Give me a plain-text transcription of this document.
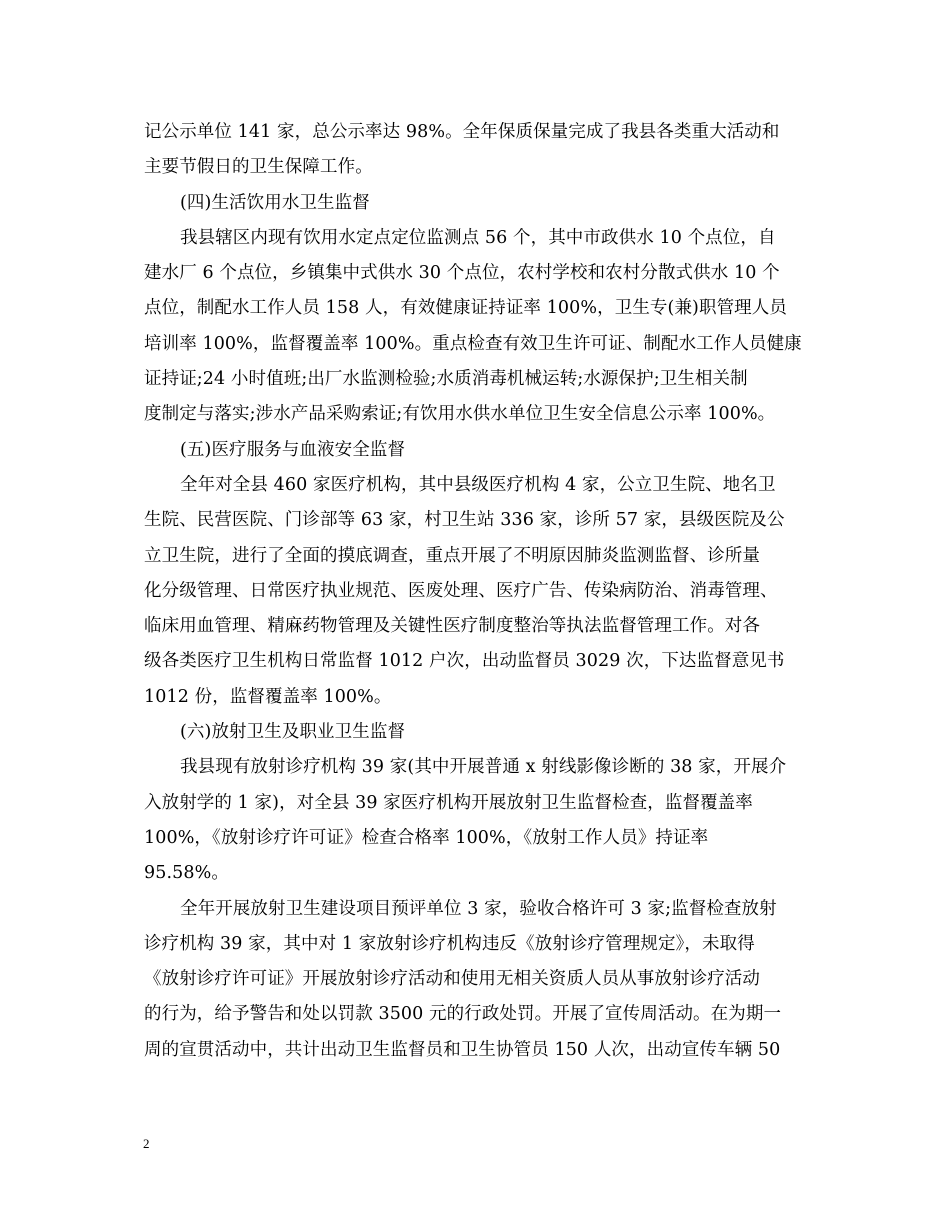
记公示单位 141 家，总公示率达 98%。全年保质保量完成了我县各类重大活动和
主要节假日的卫生保障工作。
(四)生活饮用水卫生监督
我县辖区内现有饮用水定点定位监测点 56 个，其中市政供水 10 个点位，自
建水厂 6 个点位，乡镇集中式供水 30 个点位，农村学校和农村分散式供水 10 个
点位，制配水工作人员 158 人，有效健康证持证率 100%，卫生专(兼)职管理人员
培训率 100%，监督覆盖率 100%。重点检查有效卫生许可证、制配水工作人员健康
证持证;24 小时值班;出厂水监测检验;水质消毒机械运转;水源保护;卫生相关制
度制定与落实;涉水产品采购索证;有饮用水供水单位卫生安全信息公示率 100%。
(五)医疗服务与血液安全监督
全年对全县 460 家医疗机构，其中县级医疗机构 4 家，公立卫生院、地名卫
生院、民营医院、门诊部等 63 家，村卫生站 336 家，诊所 57 家，县级医院及公
立卫生院，进行了全面的摸底调查，重点开展了不明原因肺炎监测监督、诊所量
化分级管理、日常医疗执业规范、医废处理、医疗广告、传染病防治、消毒管理、
临床用血管理、精麻药物管理及关键性医疗制度整治等执法监督管理工作。对各
级各类医疗卫生机构日常监督 1012 户次，出动监督员 3029 次，下达监督意见书
1012 份，监督覆盖率 100%。
(六)放射卫生及职业卫生监督
我县现有放射诊疗机构 39 家(其中开展普通 x 射线影像诊断的 38 家，开展介
入放射学的 1 家)，对全县 39 家医疗机构开展放射卫生监督检查，监督覆盖率
100%，《放射诊疗许可证》检查合格率 100%，《放射工作人员》持证率
95.58%。
全年开展放射卫生建设项目预评单位 3 家，验收合格许可 3 家;监督检查放射
诊疗机构 39 家，其中对 1 家放射诊疗机构违反《放射诊疗管理规定》，未取得
《放射诊疗许可证》开展放射诊疗活动和使用无相关资质人员从事放射诊疗活动
的行为，给予警告和处以罚款 3500 元的行政处罚。开展了宣传周活动。在为期一
周的宣贯活动中，共计出动卫生监督员和卫生协管员 150 人次，出动宣传车辆 50
2
